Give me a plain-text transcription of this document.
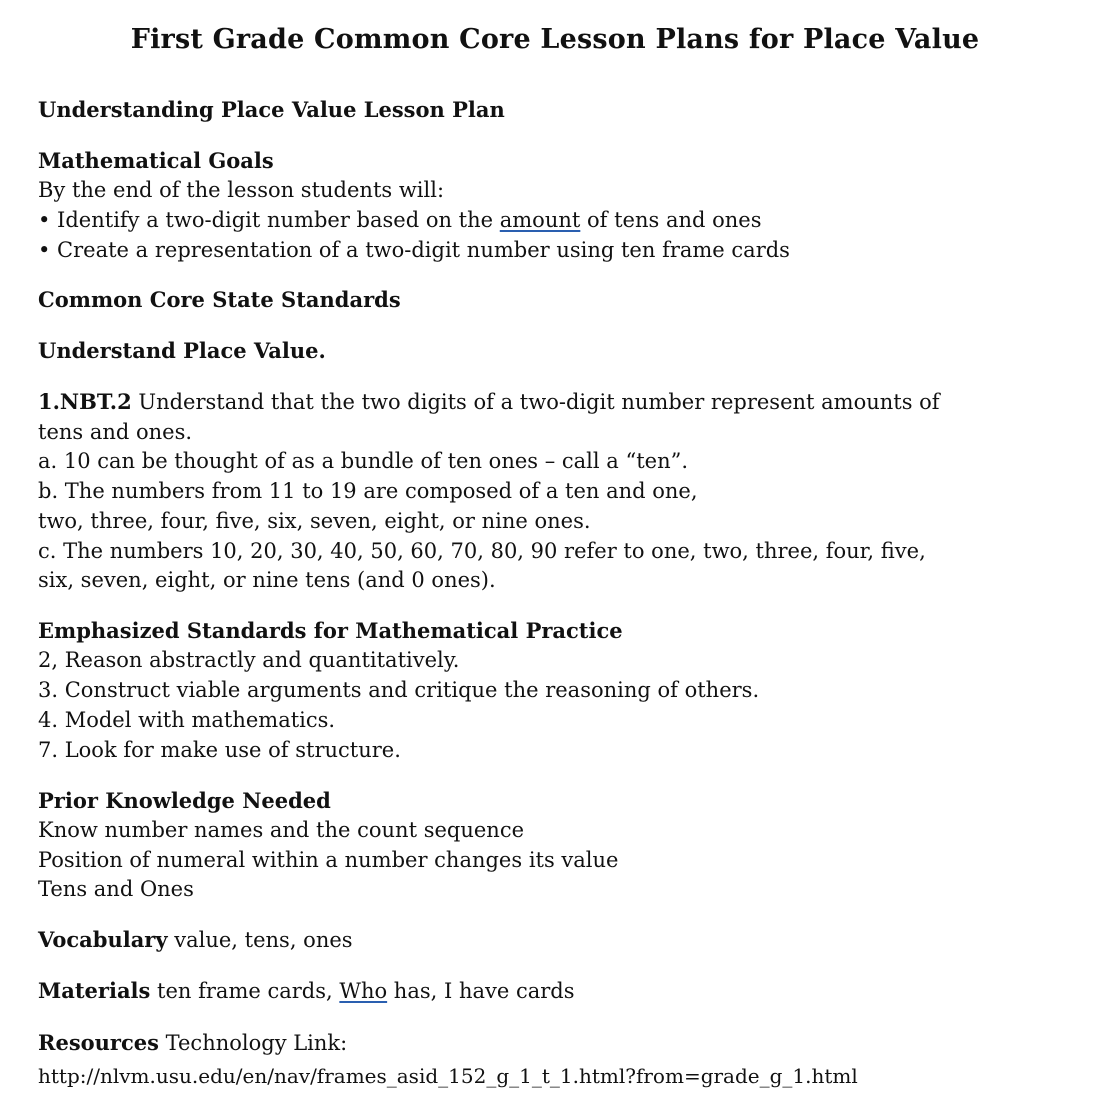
First Grade Common Core Lesson Plans for Place Value
Understanding Place Value Lesson Plan
Mathematical Goals
By the end of the lesson students will:
• Identify a two-digit number based on the amount of tens and ones
• Create a representation of a two-digit number using ten frame cards
Common Core State Standards
Understand Place Value.
1.NBT.2 Understand that the two digits of a two-digit number represent amounts of
tens and ones.
a. 10 can be thought of as a bundle of ten ones – call a “ten”.
b. The numbers from 11 to 19 are composed of a ten and one,
two, three, four, five, six, seven, eight, or nine ones.
c. The numbers 10, 20, 30, 40, 50, 60, 70, 80, 90 refer to one, two, three, four, five,
six, seven, eight, or nine tens (and 0 ones).
Emphasized Standards for Mathematical Practice
2, Reason abstractly and quantitatively.
3. Construct viable arguments and critique the reasoning of others.
4. Model with mathematics.
7. Look for make use of structure.
Prior Knowledge Needed
Know number names and the count sequence
Position of numeral within a number changes its value
Tens and Ones
Vocabulary value, tens, ones
Materials ten frame cards, Who has, I have cards
Resources Technology Link:
http://nlvm.usu.edu/en/nav/frames_asid_152_g_1_t_1.html?from=grade_g_1.html
